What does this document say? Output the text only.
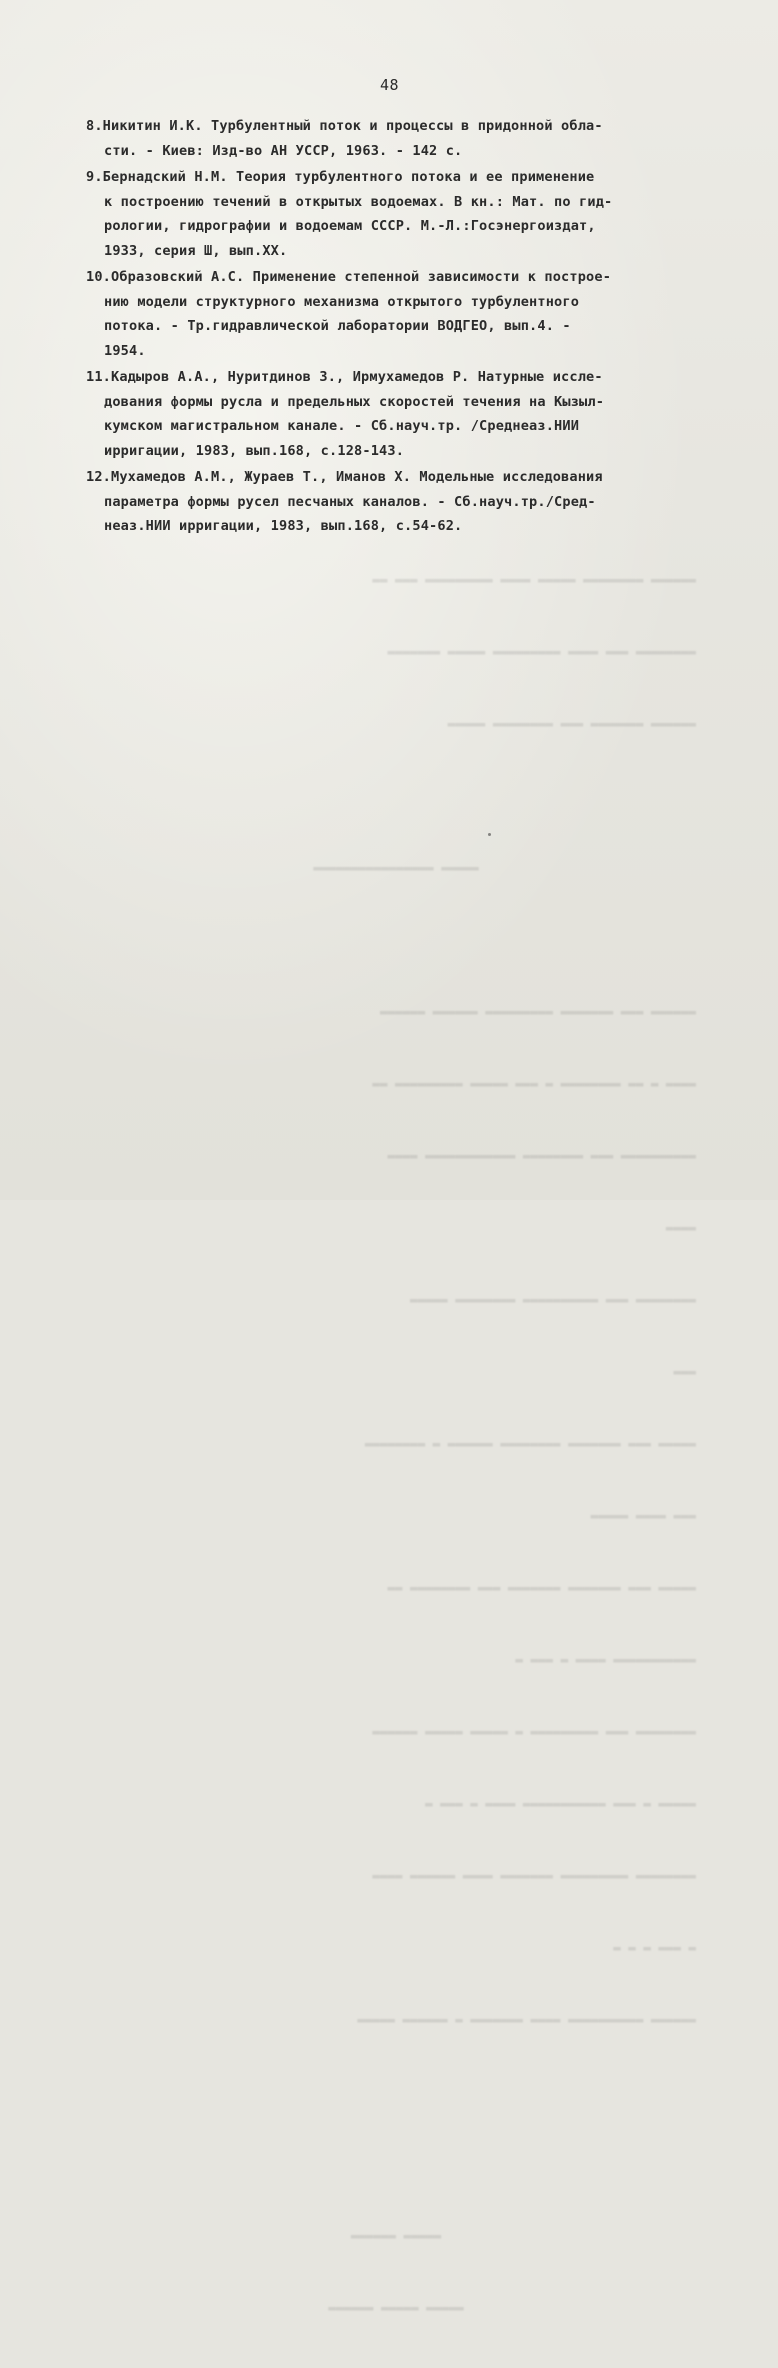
48
8.Никитин И.К. Турбулентный поток и процессы в придонной обла-
сти. - Киев: Изд-во АН УССР, 1963. - 142 с.
9.Бернадский Н.М. Теория турбулентного потока и ее применение
к построению течений в открытых водоемах. В кн.: Мат. по гид-
рологии, гидрографии и водоемам СССР. М.-Л.:Госэнергоиздат,
1933, серия Ш, вып.ХХ.
10.Образовский А.С. Применение степенной зависимости к построе-
нию модели структурного механизма открытого турбулентного
потока. - Тр.гидравлической лаборатории ВОДГЕО, вып.4. -
1954.
11.Кадыров А.А., Нуритдинов З., Ирмухамедов Р. Натурные иссле-
дования формы русла и предельных скоростей течения на Кызыл-
кумском магистральном канале. - Сб.науч.тр. /Среднеаз.НИИ
ирригации, 1983, вып.168, с.128-143.
12.Мухамедов А.М., Жураев Т., Иманов Х. Модельные исследования
параметра формы русел песчаных каналов. - Сб.науч.тр./Сред-
неаз.НИИ ирригации, 1983, вып.168, с.54-62.

▬▬▬▬▬▬ ▬▬▬▬▬▬▬▬ ▬▬▬▬▬ ▬▬▬▬ ▬▬▬▬▬▬▬▬▬ ▬▬▬ ▬▬

▬▬▬▬▬▬▬▬ ▬▬▬ ▬▬▬▬ ▬▬▬▬▬▬▬▬▬ ▬▬▬▬▬ ▬▬▬▬▬▬▬

▬▬▬▬▬▬ ▬▬▬▬▬▬▬ ▬▬▬ ▬▬▬▬▬▬▬▬ ▬▬▬▬▬

▬▬▬▬▬ ▬▬▬▬▬▬▬▬▬▬▬▬▬▬▬▬

▬▬▬▬▬▬ ▬▬▬ ▬▬▬▬▬▬▬ ▬▬▬▬▬▬▬▬▬ ▬▬▬▬▬▬ ▬▬▬▬▬▬

▬▬▬▬ ▬ ▬▬ ▬▬▬▬▬▬▬▬ ▬ ▬▬▬ ▬▬▬▬▬ ▬▬▬▬▬▬▬▬▬ ▬▬

▬▬▬▬▬▬▬▬▬▬ ▬▬▬ ▬▬▬▬▬▬▬▬ ▬▬▬▬▬▬▬▬▬▬▬▬ ▬▬▬▬

▬▬▬▬

▬▬▬▬▬▬▬▬ ▬▬▬ ▬▬▬▬▬▬▬▬▬▬ ▬▬▬▬▬▬▬▬ ▬▬▬▬▬

▬▬▬

▬▬▬▬▬ ▬▬▬ ▬▬▬▬▬▬▬ ▬▬▬▬▬▬▬▬ ▬▬▬▬▬▬ ▬ ▬▬▬▬▬▬▬▬

▬▬▬ ▬▬▬▬ ▬▬▬▬▬

▬▬▬▬▬ ▬▬▬ ▬▬▬▬▬▬▬ ▬▬▬▬▬▬▬ ▬▬▬ ▬▬▬▬▬▬▬▬ ▬▬

▬▬▬▬▬▬▬▬▬▬▬ ▬▬▬▬ ▬ ▬▬▬ ▬

▬▬▬▬▬▬▬▬ ▬▬▬ ▬▬▬▬▬▬▬▬▬ ▬ ▬▬▬▬▬ ▬▬▬▬▬ ▬▬▬▬▬▬

▬▬▬▬▬ ▬ ▬▬▬ ▬▬▬▬▬▬▬▬▬▬▬ ▬▬▬▬ ▬ ▬▬▬ ▬

▬▬▬▬▬▬▬▬ ▬▬▬▬▬▬▬▬▬ ▬▬▬▬▬▬▬ ▬▬▬▬ ▬▬▬▬▬▬ ▬▬▬▬

▬ ▬▬▬ ▬ ▬ ▬

▬▬▬▬▬▬ ▬▬▬▬▬▬▬▬▬▬ ▬▬▬▬ ▬▬▬▬▬▬▬ ▬ ▬▬▬▬▬▬ ▬▬▬▬▬

▬▬▬▬▬ ▬▬▬▬▬▬

▬▬▬▬▬ ▬▬▬▬▬ ▬▬▬▬▬▬
